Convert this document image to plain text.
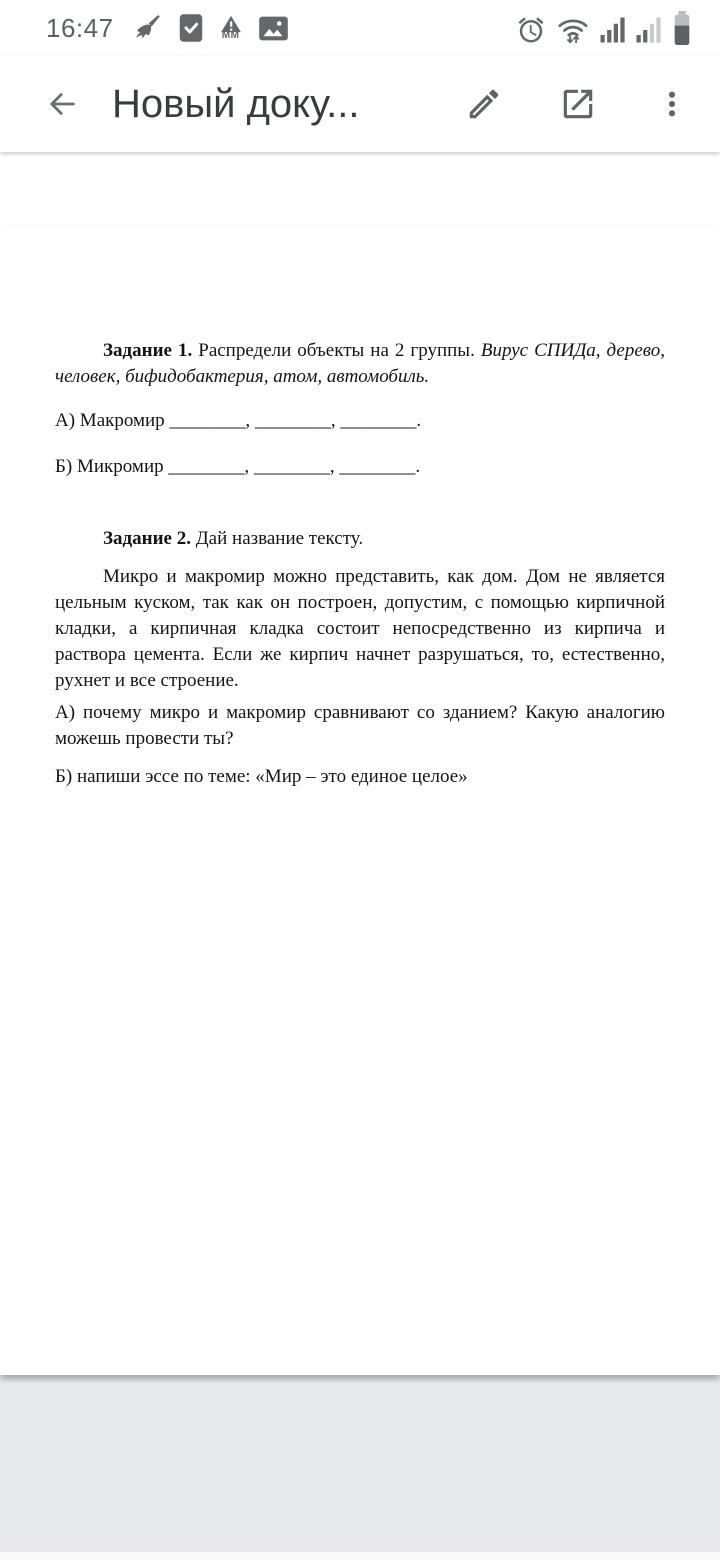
16:47	ММ
Новый доку...

Задание 1. Распредели объекты на 2 группы. Вирус СПИДа, дерево, человек, бифидобактерия, атом, автомобиль.

А) Макромир ________, ________, ________.

Б) Микромир ________, ________, ________.

Задание 2. Дай название тексту.

Микро и макромир можно представить, как дом. Дом не является цельным куском, так как он построен, допустим, с помощью кирпичной кладки, а кирпичная кладка состоит непосредственно из кирпича и раствора цемента. Если же кирпич начнет разрушаться, то, естественно, рухнет и все строение.

А) почему микро и макромир сравнивают со зданием? Какую аналогию можешь провести ты?

Б) напиши эссе по теме: «Мир – это единое целое»
